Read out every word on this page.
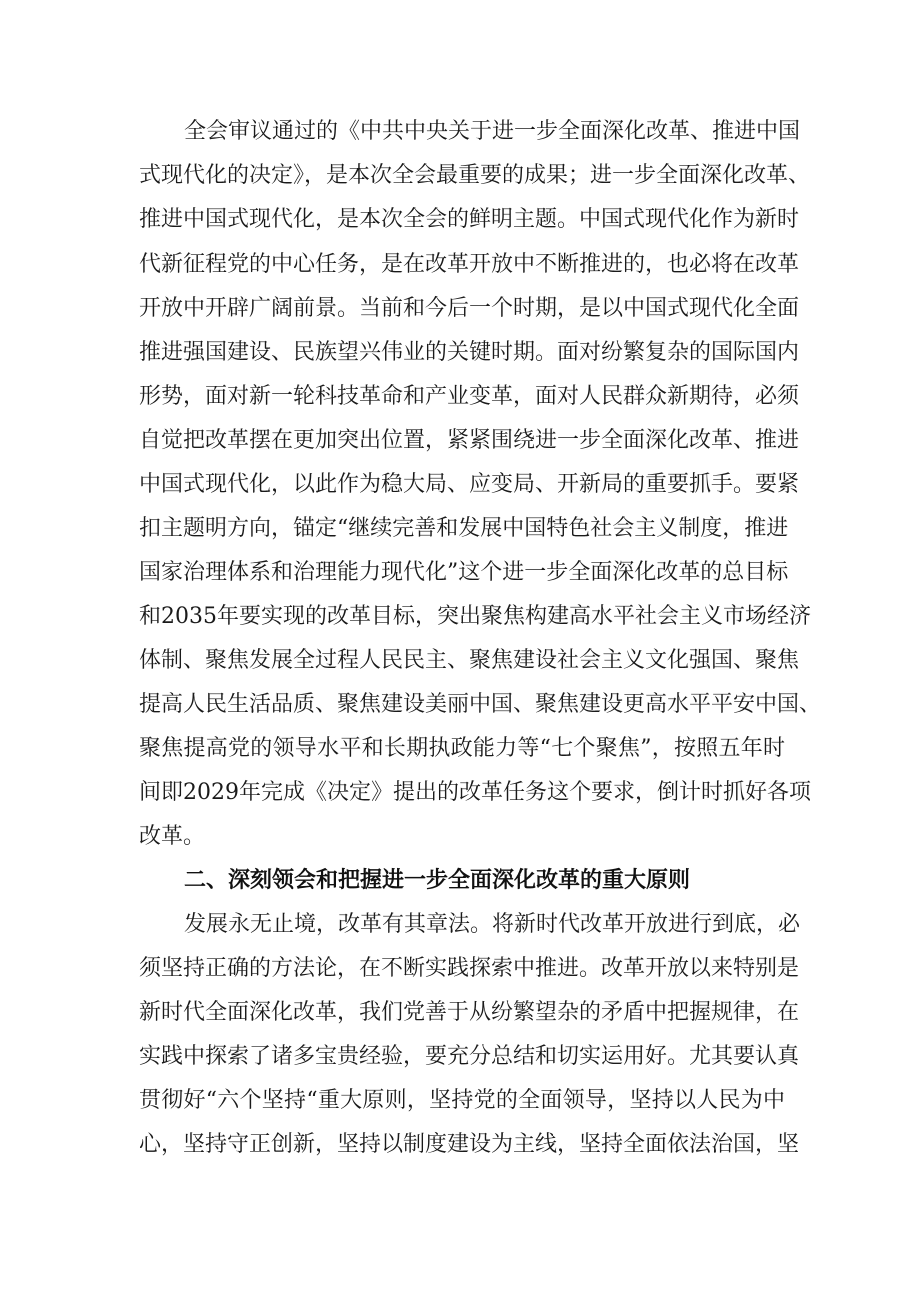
全会审议通过的《中共中央关于进一步全面深化改革、推进中国
式现代化的决定》，是本次全会最重要的成果；进一步全面深化改革、
推进中国式现代化，是本次全会的鲜明主题。中国式现代化作为新时
代新征程党的中心任务，是在改革开放中不断推进的，也必将在改革
开放中开辟广阔前景。当前和今后一个时期，是以中国式现代化全面
推进强国建设、民族望兴伟业的关键时期。面对纷繁复杂的国际国内
形势，面对新一轮科技革命和产业变革，面对人民群众新期待，必须
自觉把改革摆在更加突出位置，紧紧围绕进一步全面深化改革、推进
中国式现代化，以此作为稳大局、应变局、开新局的重要抓手。要紧
扣主题明方向，锚定“继续完善和发展中国特色社会主义制度，推进
国家治理体系和治理能力现代化”这个进一步全面深化改革的总目标
和2035年要实现的改革目标，突出聚焦构建高水平社会主义市场经济
体制、聚焦发展全过程人民民主、聚焦建设社会主义文化强国、聚焦
提高人民生活品质、聚焦建设美丽中国、聚焦建设更高水平平安中国、
聚焦提高党的领导水平和长期执政能力等“七个聚焦”，按照五年时
间即2029年完成《决定》提出的改革任务这个要求，倒计时抓好各项
改革。
二、深刻领会和把握进一步全面深化改革的重大原则
发展永无止境，改革有其章法。将新时代改革开放进行到底，必
须坚持正确的方法论，在不断实践探索中推进。改革开放以来特别是
新时代全面深化改革，我们党善于从纷繁望杂的矛盾中把握规律，在
实践中探索了诸多宝贵经验，要充分总结和切实运用好。尤其要认真
贯彻好“六个坚持“重大原则，坚持党的全面领导，坚持以人民为中
心，坚持守正创新，坚持以制度建设为主线，坚持全面依法治国，坚
